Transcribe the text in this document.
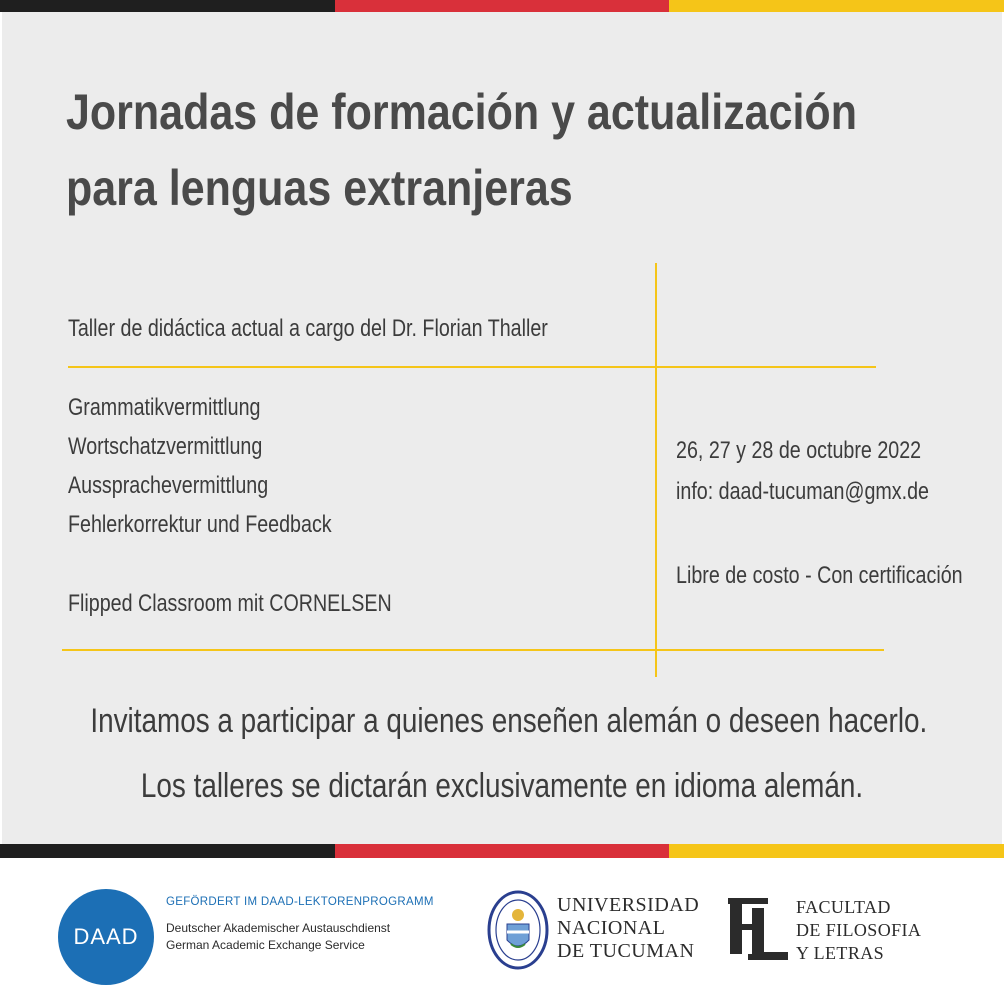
Jornadas de formación y actualización
para lenguas extranjeras
Taller de didáctica actual a cargo del Dr. Florian Thaller
Grammatikvermittlung
Wortschatzvermittlung
Aussprachevermittlung
Fehlerkorrektur und Feedback
Flipped Classroom mit CORNELSEN
26, 27 y 28 de octubre 2022
info: daad-tucuman@gmx.de
Libre de costo - Con certificación
Invitamos a participar a quienes enseñen alemán o deseen hacerlo.
Los talleres se dictarán exclusivamente en idioma alemán.
DAAD
GEFÖRDERT IM DAAD-LEKTORENPROGRAMM
Deutscher Akademischer Austauschdienst
German Academic Exchange Service
UNIVERSIDAD
NACIONAL
DE TUCUMAN
FACULTAD
DE FILOSOFIA
Y LETRAS
